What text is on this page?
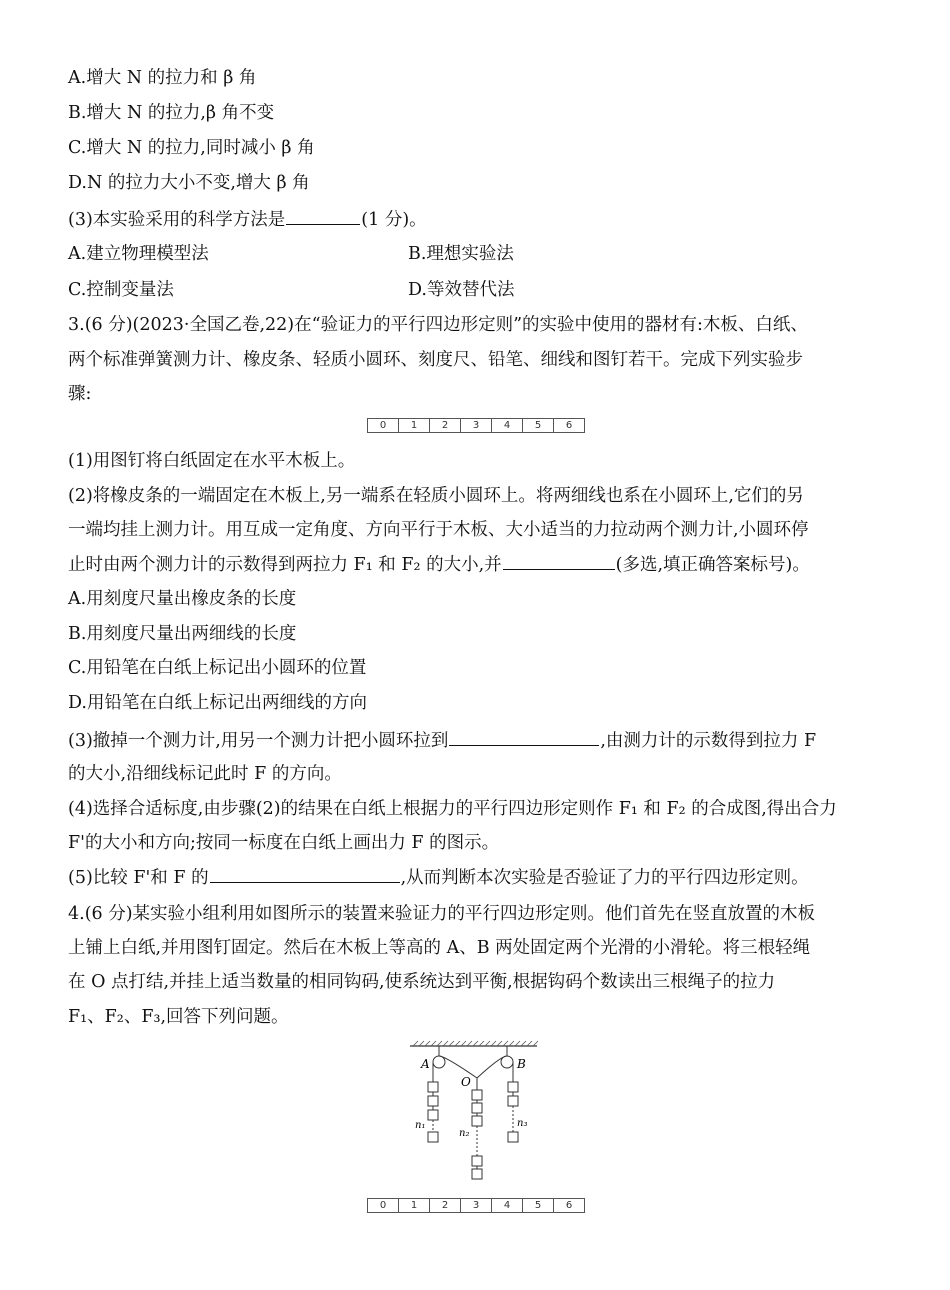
A.增大 N 的拉力和 β 角
B.增大 N 的拉力,β 角不变
C.增大 N 的拉力,同时减小 β 角
D.N 的拉力大小不变,增大 β 角
(3)本实验采用的科学方法是	(1 分)。
A.建立物理模型法	B.理想实验法
C.控制变量法	D.等效替代法
3.(6 分)(2023·全国乙卷,22)在“验证力的平行四边形定则”的实验中使用的器材有:木板、白纸、
两个标准弹簧测力计、橡皮条、轻质小圆环、刻度尺、铅笔、细线和图钉若干。完成下列实验步
骤:
0	1	2	3	4	5	6
(1)用图钉将白纸固定在水平木板上。
(2)将橡皮条的一端固定在木板上,另一端系在轻质小圆环上。将两细线也系在小圆环上,它们的另
一端均挂上测力计。用互成一定角度、方向平行于木板、大小适当的力拉动两个测力计,小圆环停
止时由两个测力计的示数得到两拉力 F₁ 和 F₂ 的大小,并	(多选,填正确答案标号)。
A.用刻度尺量出橡皮条的长度
B.用刻度尺量出两细线的长度
C.用铅笔在白纸上标记出小圆环的位置
D.用铅笔在白纸上标记出两细线的方向
(3)撤掉一个测力计,用另一个测力计把小圆环拉到	,由测力计的示数得到拉力 F
的大小,沿细线标记此时 F 的方向。
(4)选择合适标度,由步骤(2)的结果在白纸上根据力的平行四边形定则作 F₁ 和 F₂ 的合成图,得出合力
F'的大小和方向;按同一标度在白纸上画出力 F 的图示。
(5)比较 F'和 F 的	,从而判断本次实验是否验证了力的平行四边形定则。
4.(6 分)某实验小组利用如图所示的装置来验证力的平行四边形定则。他们首先在竖直放置的木板
上铺上白纸,并用图钉固定。然后在木板上等高的 A、B 两处固定两个光滑的小滑轮。将三根轻绳
在 O 点打结,并挂上适当数量的相同钩码,使系统达到平衡,根据钩码个数读出三根绳子的拉力
F₁、F₂、F₃,回答下列问题。
A	B
O
n₁
n₂
n₃
0	1	2	3	4	5	6
